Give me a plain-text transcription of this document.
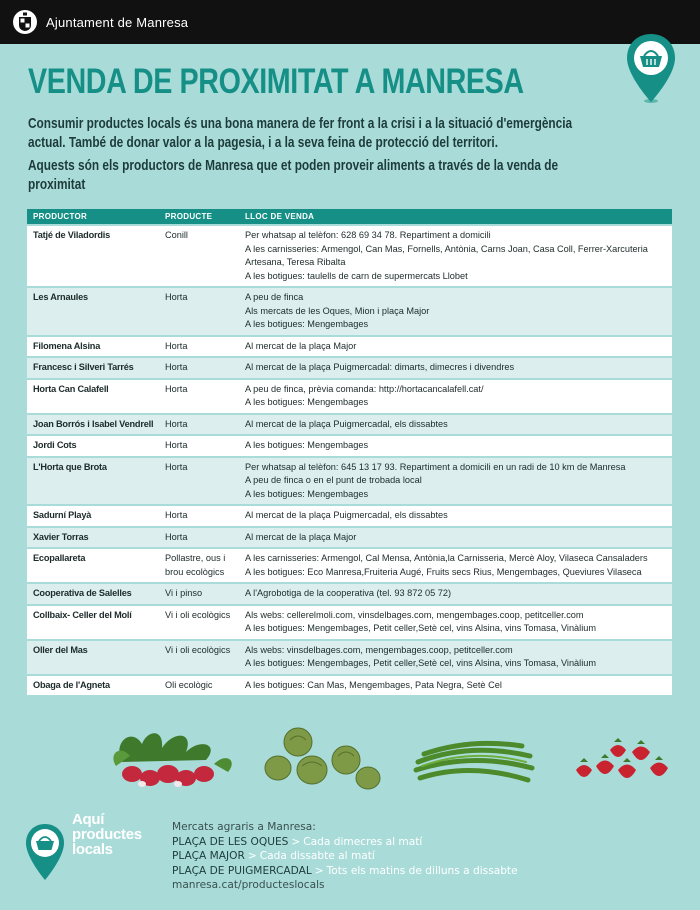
Ajuntament de Manresa
VENDA DE PROXIMITAT A MANRESA

Consumir productes locals és una bona manera de fer front a la crisi i a la situació d'emergència actual. També de donar valor a la pagesia, i a la seva feina de protecció del territori.

Aquests són els productors de Manresa que et poden proveir aliments a través de la venda de proximitat

PRODUCTOR	PRODUCTE	LLOC DE VENDA
Tatjé de Viladordis	Conill	Per whatsap al telèfon: 628 69 34 78. Repartiment a domicili
A les carnisseries: Armengol, Can Mas, Fornells, Antònia, Carns Joan, Casa Coll, Ferrer-Xarcuteria Artesana, Teresa Ribalta
A les botigues: taulells de carn de supermercats Llobet

Les Arnaules	Horta	A peu de finca
Als mercats de les Oques, Mion i plaça Major
A les botigues: Mengembages

Filomena Alsina	Horta	Al mercat de la plaça Major

Francesc i Silveri Tarrés	Horta	Al mercat de la plaça Puigmercadal: dimarts, dimecres i divendres

Horta Can Calafell	Horta	A peu de finca, prèvia comanda: http://hortacancalafell.cat/
A les botigues: Mengembages

Joan Borrós i Isabel Vendrell	Horta	Al mercat de la plaça Puigmercadal, els dissabtes

Jordi Cots	Horta	A les botigues: Mengembages

L'Horta que Brota	Horta	Per whatsap al telèfon: 645 13 17 93. Repartiment a domicili en un radi de 10 km de Manresa
A peu de finca o en el punt de trobada local
A les botigues: Mengembages

Sadurní Playà	Horta	Al mercat de la plaça Puigmercadal, els dissabtes

Xavier Torras	Horta	Al mercat de la plaça Major

Ecopallareta	Pollastre, ous i brou ecològics	A les carnisseries: Armengol, Cal Mensa, Antònia,la Carnisseria, Mercè Aloy, Vilaseca Cansaladers
A les botigues: Eco Manresa,Fruiteria Augé, Fruits secs Rius, Mengembages, Queviures Vilaseca

Cooperativa de Salelles	Vi i pinso	A l'Agrobotiga de la cooperativa (tel. 93 872 05 72)

Collbaix- Celler del Molí	Vi i oli ecològics	Als webs: cellerelmoli.com, vinsdelbages.com, mengembages.coop, petitceller.com
A les botigues: Mengembages, Petit celler,Setè cel, vins Alsina, vins Tomasa, Vinàlium

Oller del Mas	Vi i oli ecològics	Als webs: vinsdelbages.com, mengembages.coop, petitceller.com
A les botigues: Mengembages, Petit celler,Setè cel, vins Alsina, vins Tomasa, Vinàlium

Obaga de l'Agneta	Oli ecològic	A les botigues: Can Mas, Mengembages, Pata Negra, Setè Cel

Aquí
productes
locals

Mercats agraris a Manresa:
PLAÇA DE LES OQUES > Cada dimecres al matí
PLAÇA MAJOR > Cada dissabte al matí
PLAÇA DE PUIGMERCADAL > Tots els matins de dilluns a dissabte
manresa.cat/producteslocals
